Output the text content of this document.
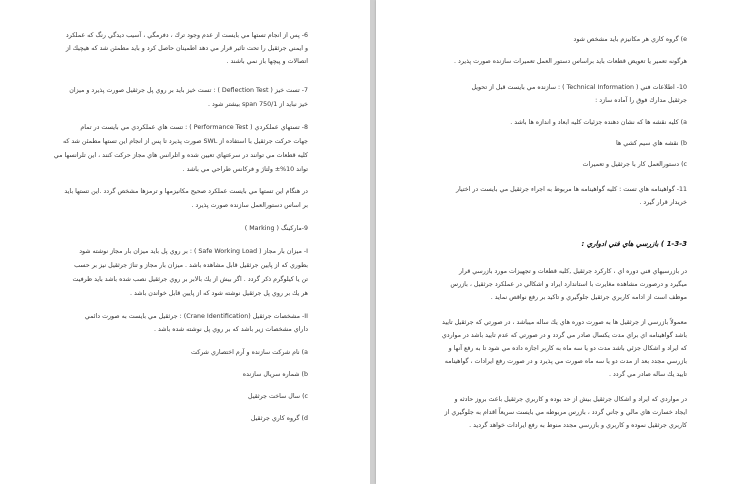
6- پس از انجام تستها مي بايست از عدم وجود ترك ، دفرمگي ، آسيب ديدگي رنگ كه عملكرد
و ايمني جرثقيل را تحت تاثير قرار مي دهد اطمينان حاصل كرد و بايد مطمئن شد كه هيچيك از
اتصالات و پيچها باز نمي باشند .
7- تست خيز ( Deflection Test ) : تست خيز بايد بر روي پل جرثقيل صورت پذيرد و ميزان
خيز نبايد از span 750/1 بيشتر شود .
8- تستهاي عملكردي ( Performance Test ) : تست هاي عملكردي مي بايست در تمام
جهات حركت جرثقيل با استفاده از SWL صورت پذيرد تا پس از انجام اين تستها مطمئن شد كه
كليه قطعات مي توانند در سرعتهاي تعيين شده و اتلرانس هاي مجاز حركت كنند ، اين تلرانسها مي
تواند 10%± ولتاژ و فركانس طراحي مي باشد .
در هنگام اين تستها مي بايست عملكرد صحيح مكانيزمها و ترمزها مشخص گردد .اين تستها بايد
بر اساس دستورالعمل سازنده صورت پذيرد .
9-ماركينگ ( Marking )
I- ميزان بار مجاز ( Safe Working Load ) : بر روي پل بايد ميزان بار مجاز نوشته شود
بطوري كه از پايين جرثقيل قابل مشاهده باشد . ميزان بار مجاز و تناژ جرثقيل نيز بر حسب
تن يا كيلوگرم ذكر گردد . اگر بيش از يك بالابر بر روي جرثقيل نصب شده باشد بايد ظرفيت
هر يك بر روي پل جرثقيل نوشته شود كه از پايين قابل خواندن باشد .
II- مشخصات جرثقيل (Crane Identification) : جرثقيل مي بايست به صورت دائمي
داراي مشخصات زير باشد كه بر روي پل نوشته شده باشد .
a) نام شركت سازنده و آرم اختصاري شركت
b) شماره سريال سازنده
c) سال ساخت جرثقيل
d) گروه كاري جرثقيل
e) گروه كاري هر مكانيزم بايد مشخص شود
هرگونه تعمير يا تعويض قطعات بايد براساس دستور العمل تعميرات سازنده صورت پذيرد .
10- اطلاعات فني ( Technical Information ) : سازنده مي بايست قبل از تحويل
جرثقيل مدارك فوق را آماده سازد :
a) كليه نقشه ها كه نشان دهنده جزئيات كليه ابعاد و اندازه ها باشد .
b) نقشه هاي سيم كشي ها
c) دستورالعمل كار با جرثقيل و تعميرات
11- گواهينامه هاي تست : كليه گواهينامه ها مربوط به اجراء جرثقيل مي بايست در اختيار
خريدار قرار گيرد .
1-3-3 ) بازرسي هاي فني ادواري :
در بازرسيهاي فني دوره اي ، كاركرد جرثقيل ,كليه قطعات و تجهيزات مورد بازرسي قرار
ميگيرد و درصورت مشاهده مغايرت با استاندارد ايراد و اشكالي در عملكرد جرثقيل ، بازرس
موظف است از ادامه كاربري جرثقيل جلوگيري و تاكيد بر رفع نواقص نمايد .
معمولاً بازرسي از جرثقيل ها به صورت دوره هاي يك ساله ميباشد ، در صورتي كه جرثقيل تاييد
باشد گواهينامه اي براي مدت يكسال صادر مي گردد و در صورتي كه عدم تاييد باشد در مواردي
كه ايراد و اشكال جزئي باشد مدت دو يا سه ماه به كاربر اجازه داده مي شود تا به رفع آنها و
بازرسي مجدد بعد از مدت دو يا سه ماه صورت مي پذيرد و در صورت رفع ايرادات ، گواهينامه
تاييد يك ساله صادر مي گردد .
در مواردي كه ايراد و اشكال جرثقيل بيش از حد بوده و كاربري جرثقيل باعث بروز حادثه و
ايجاد خسارت هاي مالي و جاني گردد ، بازرس مربوطه مي بايست سريعاً اقدام به جلوگيري از
كاربري جرثقيل نموده و كاربري و بازرسي مجدد منوط به رفع ايرادات خواهد گرديد .
